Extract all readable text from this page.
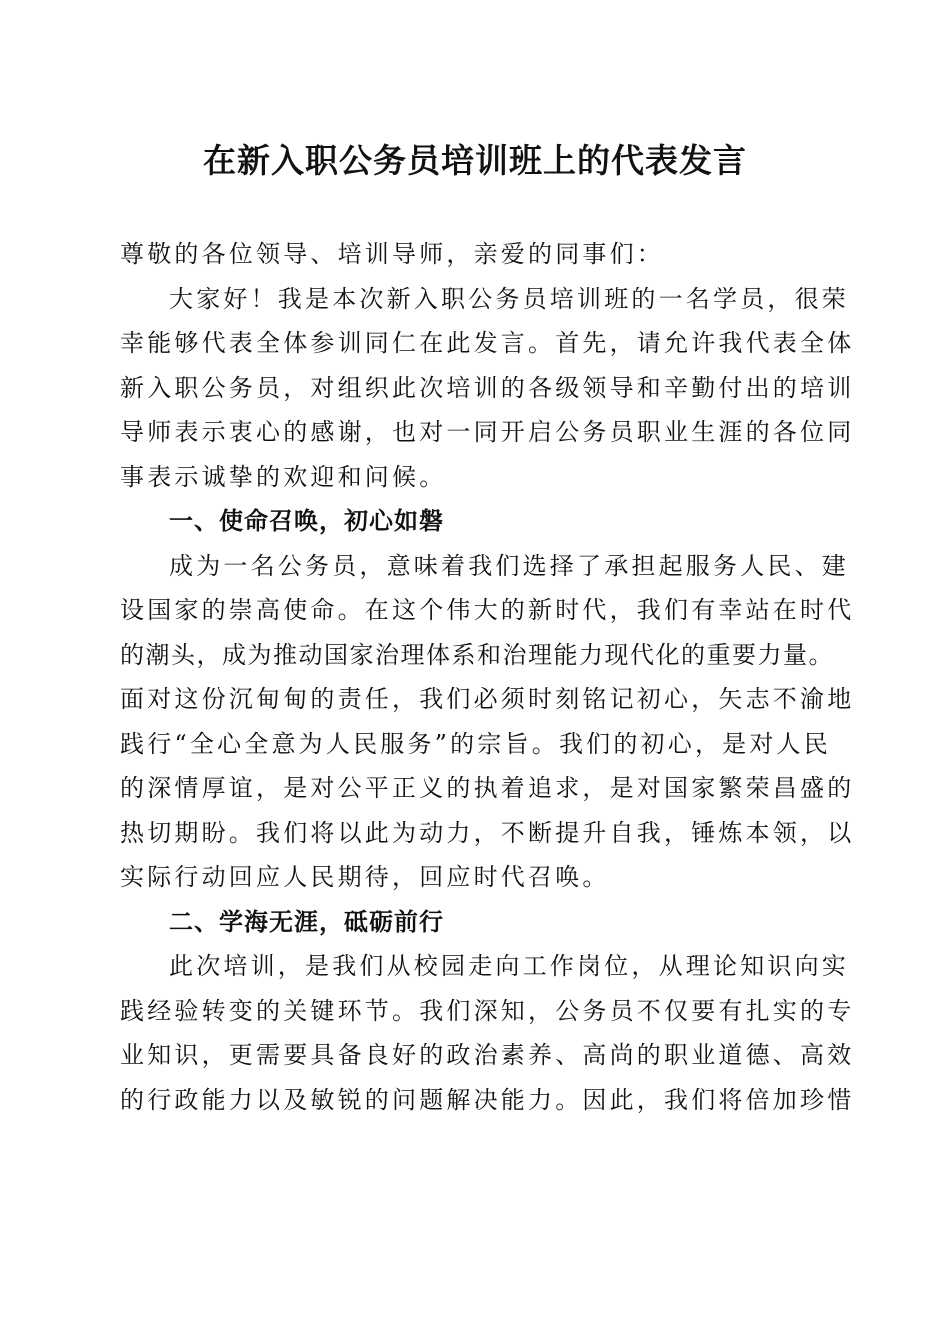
在新入职公务员培训班上的代表发言

尊敬的各位领导、培训导师，亲爱的同事们：

大家好！我是本次新入职公务员培训班的一名学员，很荣
幸能够代表全体参训同仁在此发言。首先，请允许我代表全体
新入职公务员，对组织此次培训的各级领导和辛勤付出的培训
导师表示衷心的感谢，也对一同开启公务员职业生涯的各位同
事表示诚挚的欢迎和问候。

一、使命召唤，初心如磐

成为一名公务员，意味着我们选择了承担起服务人民、建
设国家的崇高使命。在这个伟大的新时代，我们有幸站在时代
的潮头，成为推动国家治理体系和治理能力现代化的重要力量。
面对这份沉甸甸的责任，我们必须时刻铭记初心，矢志不渝地
践行“全心全意为人民服务”的宗旨。我们的初心，是对人民
的深情厚谊，是对公平正义的执着追求，是对国家繁荣昌盛的
热切期盼。我们将以此为动力，不断提升自我，锤炼本领，以
实际行动回应人民期待，回应时代召唤。

二、学海无涯，砥砺前行

此次培训，是我们从校园走向工作岗位，从理论知识向实
践经验转变的关键环节。我们深知，公务员不仅要有扎实的专
业知识，更需要具备良好的政治素养、高尚的职业道德、高效
的行政能力以及敏锐的问题解决能力。因此，我们将倍加珍惜
